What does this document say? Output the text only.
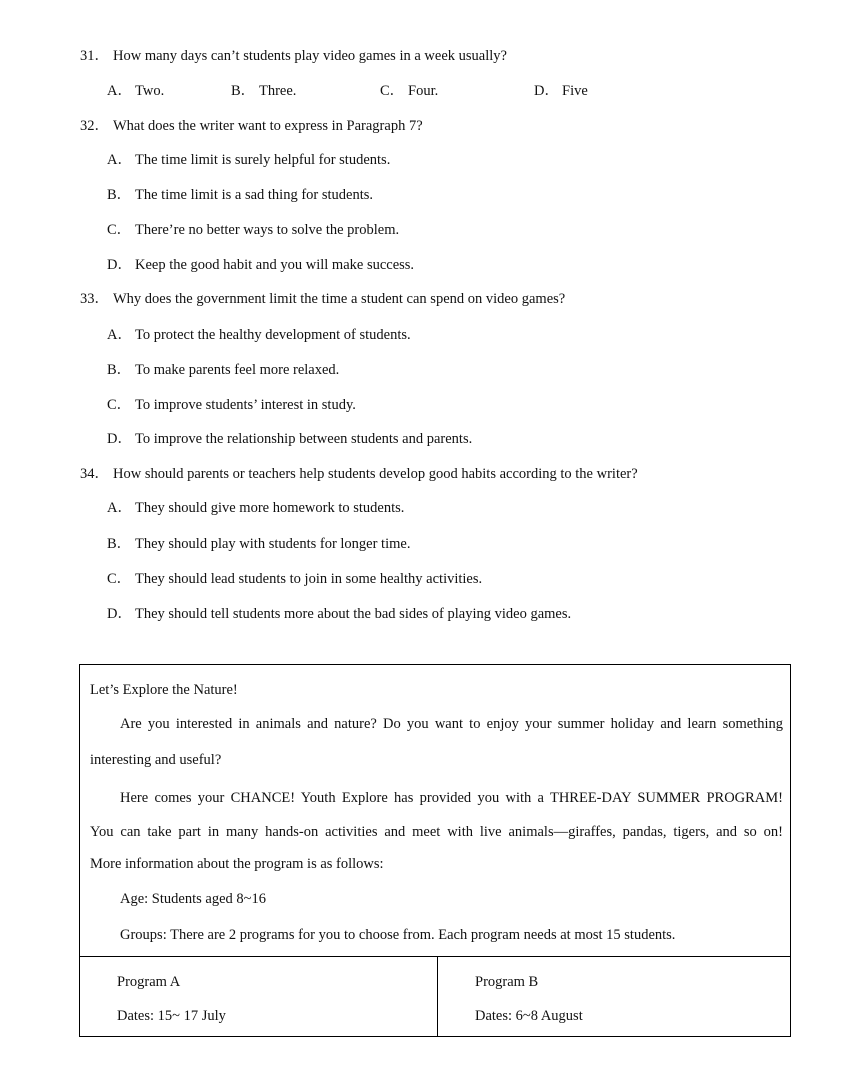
31． How many days can’t students play video games in a week usually?
A． Two.	B． Three.	C． Four.	D． Five
32． What does the writer want to express in Paragraph 7?
A． The time limit is surely helpful for students.
B． The time limit is a sad thing for students.
C． There’re no better ways to solve the problem.
D． Keep the good habit and you will make success.
33． Why does the government limit the time a student can spend on video games?
A． To protect the healthy development of students.
B． To make parents feel more relaxed.
C． To improve students’ interest in study.
D． To improve the relationship between students and parents.
34． How should parents or teachers help students develop good habits according to the writer?
A． They should give more homework to students.
B． They should play with students for longer time.
C． They should lead students to join in some healthy activities.
D． They should tell students more about the bad sides of playing video games.
Let’s Explore the Nature!
Are you interested in animals and nature? Do you want to enjoy your summer holiday and learn something
interesting and useful?
Here comes your CHANCE! Youth Explore has provided you with a THREE-DAY SUMMER PROGRAM!
You can take part in many hands-on activities and meet with live animals—giraffes, pandas, tigers, and so on!
More information about the program is as follows:
Age: Students aged 8~16
Groups: There are 2 programs for you to choose from. Each program needs at most 15 students.
Program A
Dates: 15~ 17 July
Program B
Dates: 6~8 August
